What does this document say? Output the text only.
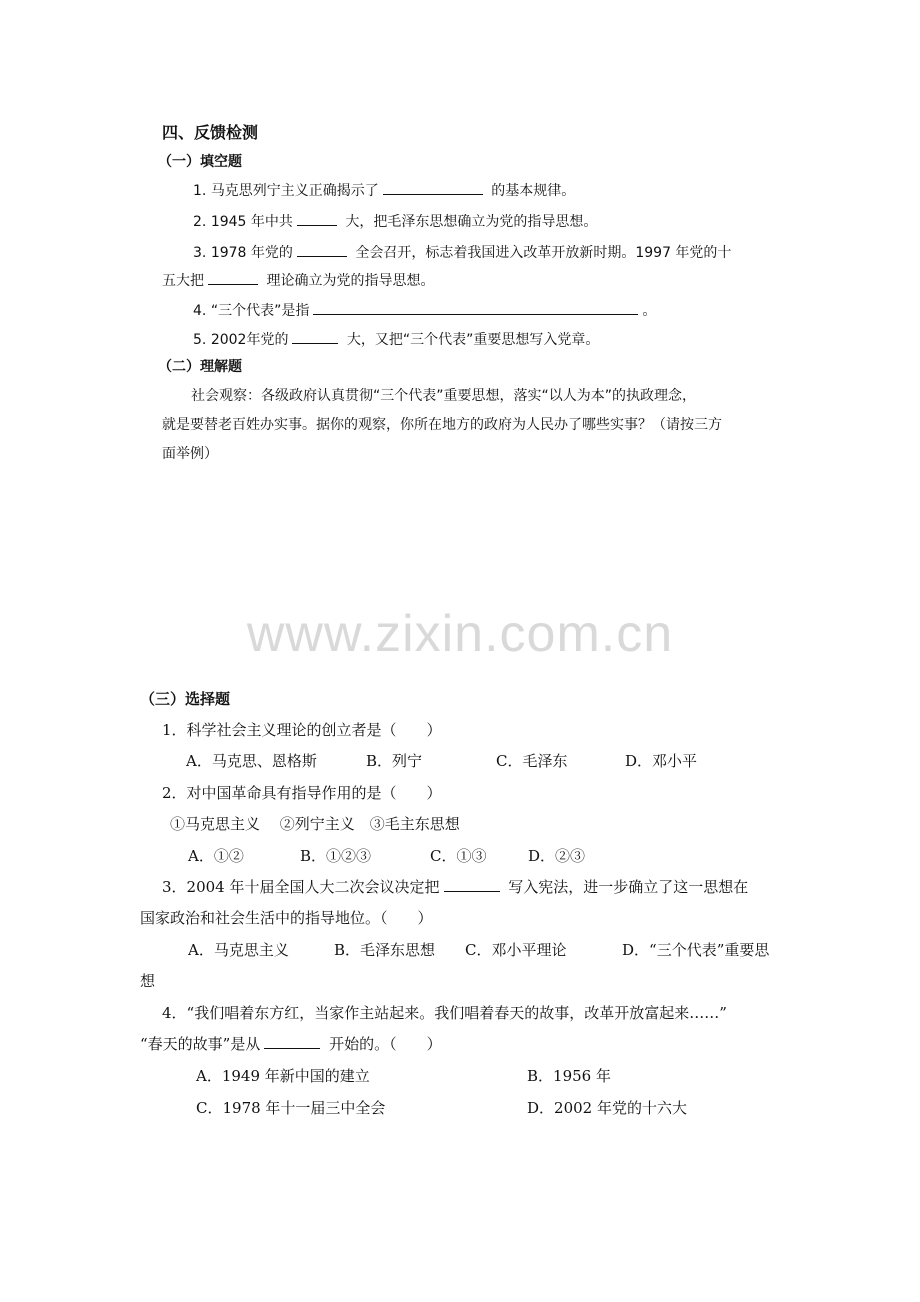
四、反馈检测
（一）填空题
1. 马克思列宁主义正确揭示了	的基本规律。
2. 1945 年中共	大，把毛泽东思想确立为党的指导思想。
3. 1978 年党的	全会召开，标志着我国进入改革开放新时期。1997 年党的十
五大把	理论确立为党的指导思想。
4. “三个代表”是指	。
5. 2002年党的	大，又把“三个代表”重要思想写入党章。
（二）理解题
社会观察：各级政府认真贯彻“三个代表”重要思想，落实“以人为本”的执政理念，
就是要替老百姓办实事。据你的观察，你所在地方的政府为人民办了哪些实事？（请按三方
面举例）
www.zixin.com.cn
（三）选择题
1．科学社会主义理论的创立者是（　　）
A．马克思、恩格斯	B．列宁	C．毛泽东	D．邓小平
2．对中国革命具有指导作用的是（　　）
①马克思主义　 ②列宁主义　③毛主东思想
A．①②	B．①②③	C．①③	D．②③
3．2004 年十届全国人大二次会议决定把	写入宪法，进一步确立了这一思想在
国家政治和社会生活中的指导地位。（　　）
A．马克思主义	B．毛泽东思想 C．邓小平理论	D．“三个代表”重要思
想
4．“我们唱着东方红，当家作主站起来。我们唱着春天的故事，改革开放富起来……”
“春天的故事”是从	开始的。（　　）
A．1949 年新中国的建立	B．1956 年
C．1978 年十一届三中全会	D．2002 年党的十六大
